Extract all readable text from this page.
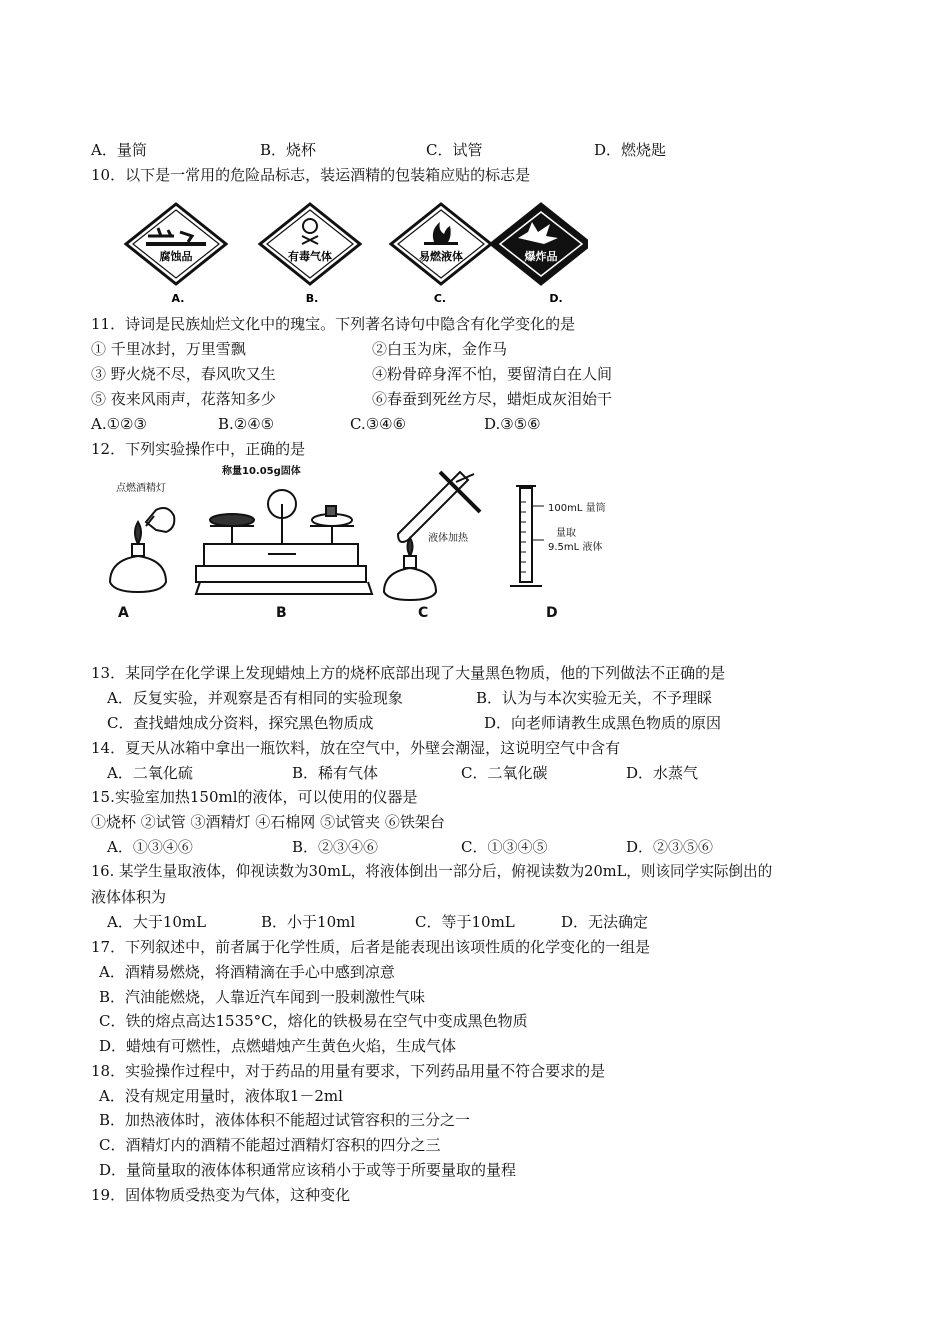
A．量筒	B．烧杯	C．试管	D．燃烧匙
10．以下是一常用的危险品标志，装运酒精的包装箱应贴的标志是
腐蚀品	有毒气体	易燃液体	爆炸品
A.	B.	C.	D.
11．诗词是民族灿烂文化中的瑰宝。下列著名诗句中隐含有化学变化的是
① 千里冰封，万里雪飘	②白玉为床，金作马
③ 野火烧不尽，春风吹又生	④粉骨碎身浑不怕，要留清白在人间
⑤ 夜来风雨声，花落知多少	⑥春蚕到死丝方尽，蜡炬成灰泪始干
A.①②③	B.②④⑤	C.③④⑥	D.③⑤⑥
12．下列实验操作中，正确的是
点燃酒精灯
称量10.05g固体
液体加热
100mL 量筒
量取
9.5mL 液体
A	B	C	D
13．某同学在化学课上发现蜡烛上方的烧杯底部出现了大量黑色物质，他的下列做法不正确的是
A．反复实验，并观察是否有相同的实验现象	B．认为与本次实验无关，不予理睬
C．查找蜡烛成分资料，探究黑色物质成	D．向老师请教生成黑色物质的原因
14．夏天从冰箱中拿出一瓶饮料，放在空气中，外壁会潮湿，这说明空气中含有
A．二氧化硫	B．稀有气体	C．二氧化碳	D．水蒸气
15.实验室加热150ml的液体，可以使用的仪器是
①烧杯 ②试管 ③酒精灯 ④石棉网 ⑤试管夹 ⑥铁架台
A．①③④⑥	B．②③④⑥	C．①③④⑤	D．②③⑤⑥
16. 某学生量取液体，仰视读数为30mL，将液体倒出一部分后，俯视读数为20mL，则该同学实际倒出的
液体体积为
A．大于10mL	B．小于10ml	C．等于10mL	D．无法确定
17．下列叙述中，前者属于化学性质，后者是能表现出该项性质的化学变化的一组是
A．酒精易燃烧，将酒精滴在手心中感到凉意
B．汽油能燃烧，人靠近汽车闻到一股刺激性气味
C．铁的熔点高达1535°C，熔化的铁极易在空气中变成黑色物质
D．蜡烛有可燃性，点燃蜡烛产生黄色火焰，生成气体
18．实验操作过程中，对于药品的用量有要求，下列药品用量不符合要求的是
A．没有规定用量时，液体取1－2ml
B．加热液体时，液体体积不能超过试管容积的三分之一
C．酒精灯内的酒精不能超过酒精灯容积的四分之三
D．量筒量取的液体体积通常应该稍小于或等于所要量取的量程
19．固体物质受热变为气体，这种变化
